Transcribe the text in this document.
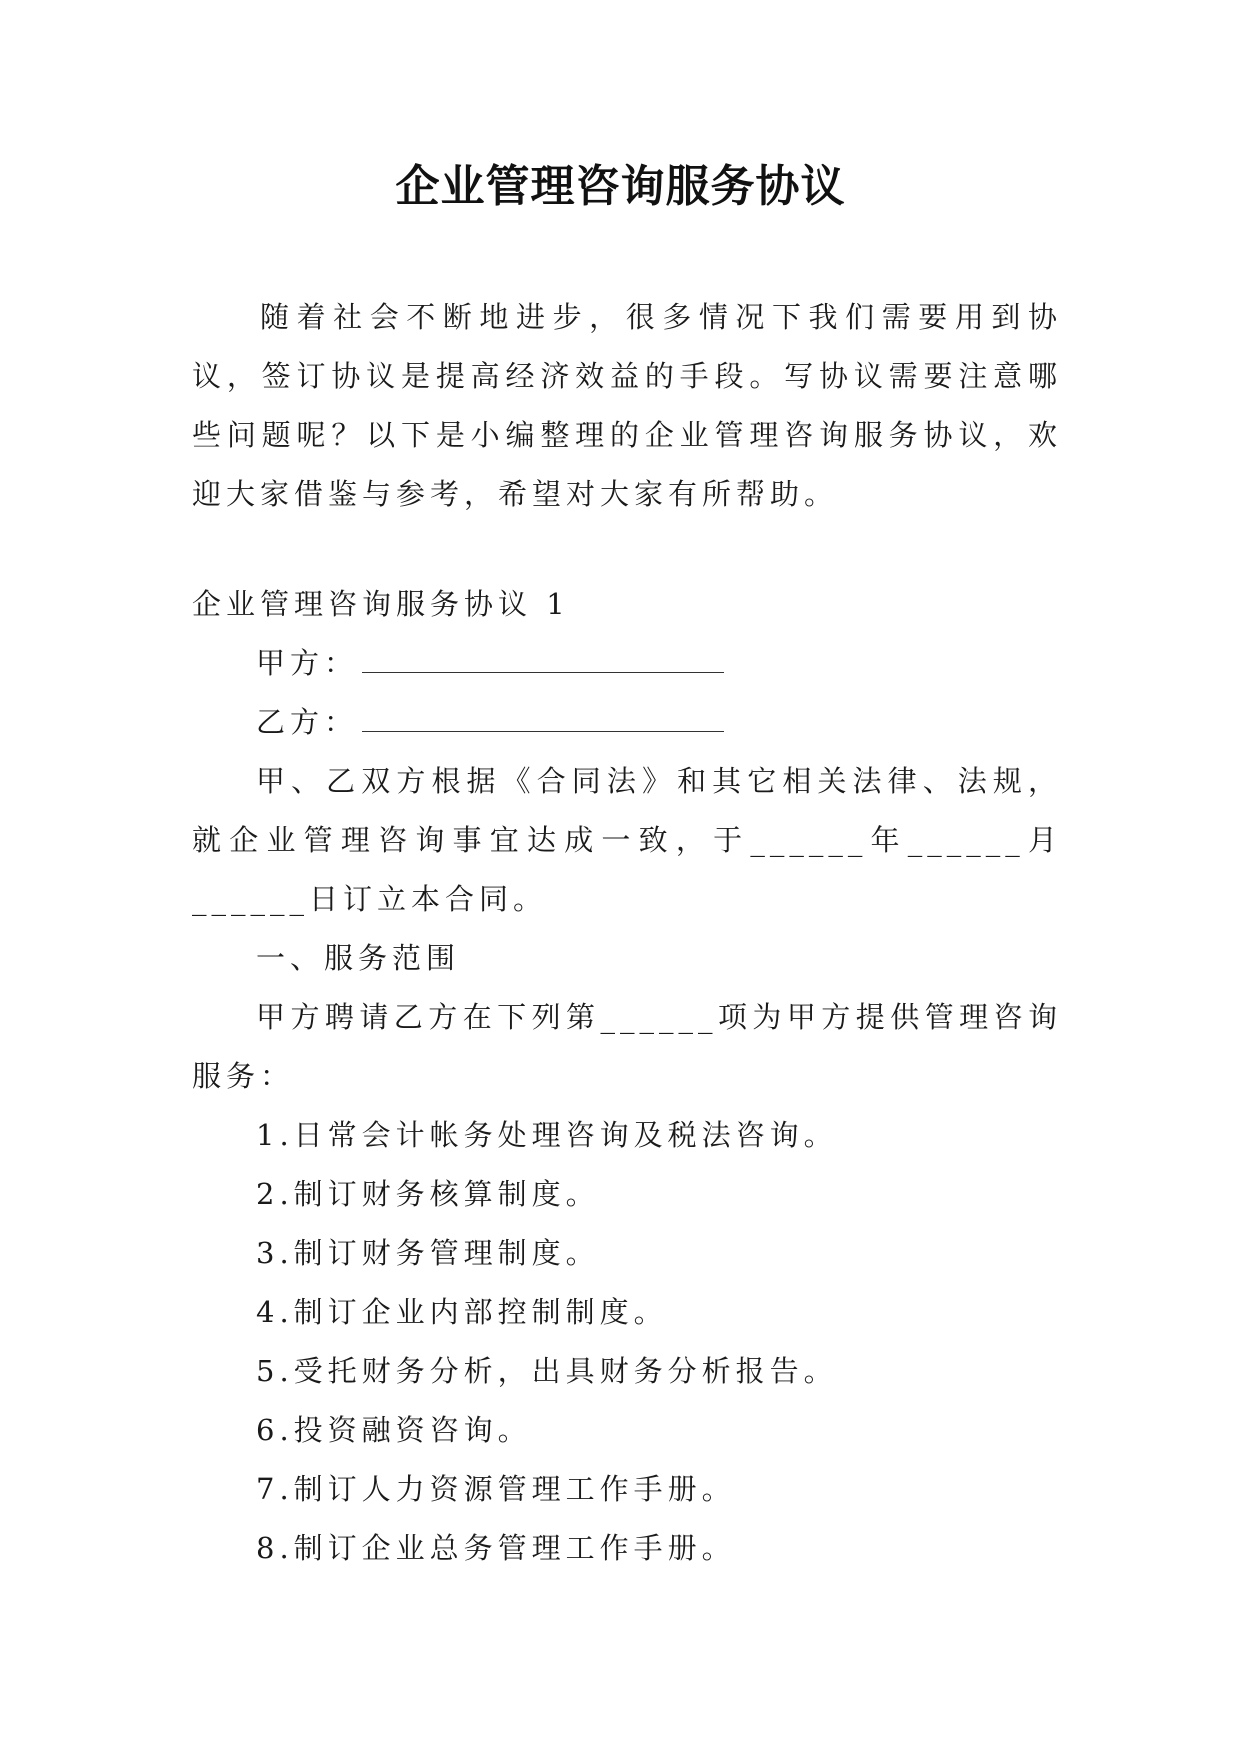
企业管理咨询服务协议

随着社会不断地进步，很多情况下我们需要用到协议，签订协议是提高经济效益的手段。写协议需要注意哪些问题呢？以下是小编整理的企业管理咨询服务协议，欢迎大家借鉴与参考，希望对大家有所帮助。

企业管理咨询服务协议 1

甲方：

乙方：

甲、乙双方根据《合同法》和其它相关法律、法规，就企业管理咨询事宜达成一致，于______年______月______日订立本合同。

一、服务范围

甲方聘请乙方在下列第______项为甲方提供管理咨询服务：

1.日常会计帐务处理咨询及税法咨询。

2.制订财务核算制度。

3.制订财务管理制度。

4.制订企业内部控制制度。

5.受托财务分析，出具财务分析报告。

6.投资融资咨询。

7.制订人力资源管理工作手册。

8.制订企业总务管理工作手册。
